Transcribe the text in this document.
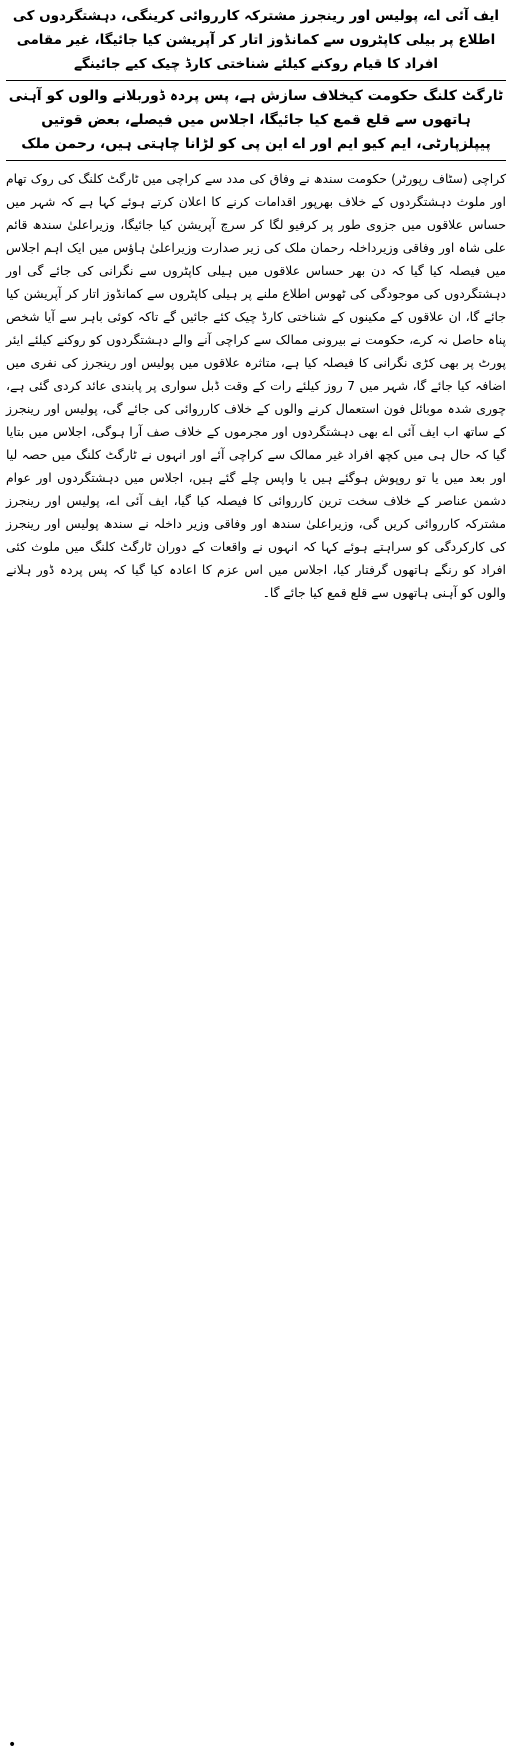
ایف آئی اے، پولیس اور رینجرز مشترکہ کارروائی کرینگی، دہشتگردوں کی اطلاع پر بیلی کاپٹروں سے کمانڈوز اتار کر آپریشن کیا جائیگا، غیر مقامی افراد کا قیام روکنے کیلئے شناختی کارڈ چیک کیے جائینگے

ٹارگٹ کلنگ حکومت کیخلاف سازش ہے، پس پردہ ڈوربلانے والوں کو آہنی ہاتھوں سے قلع قمع کیا جائیگا، اجلاس میں فیصلے، بعض قوتیں پیپلزپارٹی، ایم کیو ایم اور اے این پی کو لڑانا چاہتی ہیں، رحمن ملک

کراچی (سٹاف رپورٹر) حکومت سندھ نے وفاق کی مدد سے کراچی میں ٹارگٹ کلنگ کی روک تھام اور ملوث دہشتگردوں کے خلاف بھرپور اقدامات کرنے کا اعلان کرتے ہوئے کہا ہے کہ شہر میں حساس علاقوں میں جزوی طور پر کرفیو لگا کر سرچ آپریشن کیا جائیگا، وزیراعلیٰ سندھ قائم علی شاہ اور وفاقی وزیرداخلہ رحمان ملک کی زیر صدارت وزیراعلیٰ ہاؤس میں ایک اہم اجلاس میں فیصلہ کیا گیا کہ دن بھر حساس علاقوں میں ہیلی کاپٹروں سے نگرانی کی جائے گی اور دہشتگردوں کی موجودگی کی ٹھوس اطلاع ملنے پر ہیلی کاپٹروں سے کمانڈوز اتار کر آپریشن کیا جائے گا، ان علاقوں کے مکینوں کے شناختی کارڈ چیک کئے جائیں گے تاکہ کوئی باہر سے آیا شخص پناہ حاصل نہ کرے، حکومت نے بیرونی ممالک سے کراچی آنے والے دہشتگردوں کو روکنے کیلئے ایئر پورٹ پر بھی کڑی نگرانی کا فیصلہ کیا ہے، متاثرہ علاقوں میں پولیس اور رینجرز کی نفری میں اضافہ کیا جائے گا، شہر میں 7 روز کیلئے رات کے وقت ڈبل سواری پر پابندی عائد کردی گئی ہے، چوری شدہ موبائل فون استعمال کرنے والوں کے خلاف کارروائی کی جائے گی، پولیس اور رینجرز کے ساتھ اب ایف آئی اے بھی دہشتگردوں اور مجرموں کے خلاف صف آرا ہوگی، اجلاس میں بتایا گیا کہ حال ہی میں کچھ افراد غیر ممالک سے کراچی آئے اور انہوں نے ٹارگٹ کلنگ میں حصہ لیا اور بعد میں یا تو روپوش ہوگئے ہیں یا واپس چلے گئے ہیں، اجلاس میں دہشتگردوں اور عوام دشمن عناصر کے خلاف سخت ترین کارروائی کا فیصلہ کیا گیا، ایف آئی اے، پولیس اور رینجرز مشترکہ کارروائی کریں گی، وزیراعلیٰ سندھ اور وفاقی وزیر داخلہ نے سندھ پولیس اور رینجرز کی کارکردگی کو سراہتے ہوئے کہا کہ انہوں نے واقعات کے دوران ٹارگٹ کلنگ میں ملوث کئی افراد کو رنگے ہاتھوں گرفتار کیا، اجلاس میں اس عزم کا اعادہ کیا گیا کہ پس پردہ ڈور ہلانے والوں کو آہنی ہاتھوں سے قلع قمع کیا جائے گا۔

•
